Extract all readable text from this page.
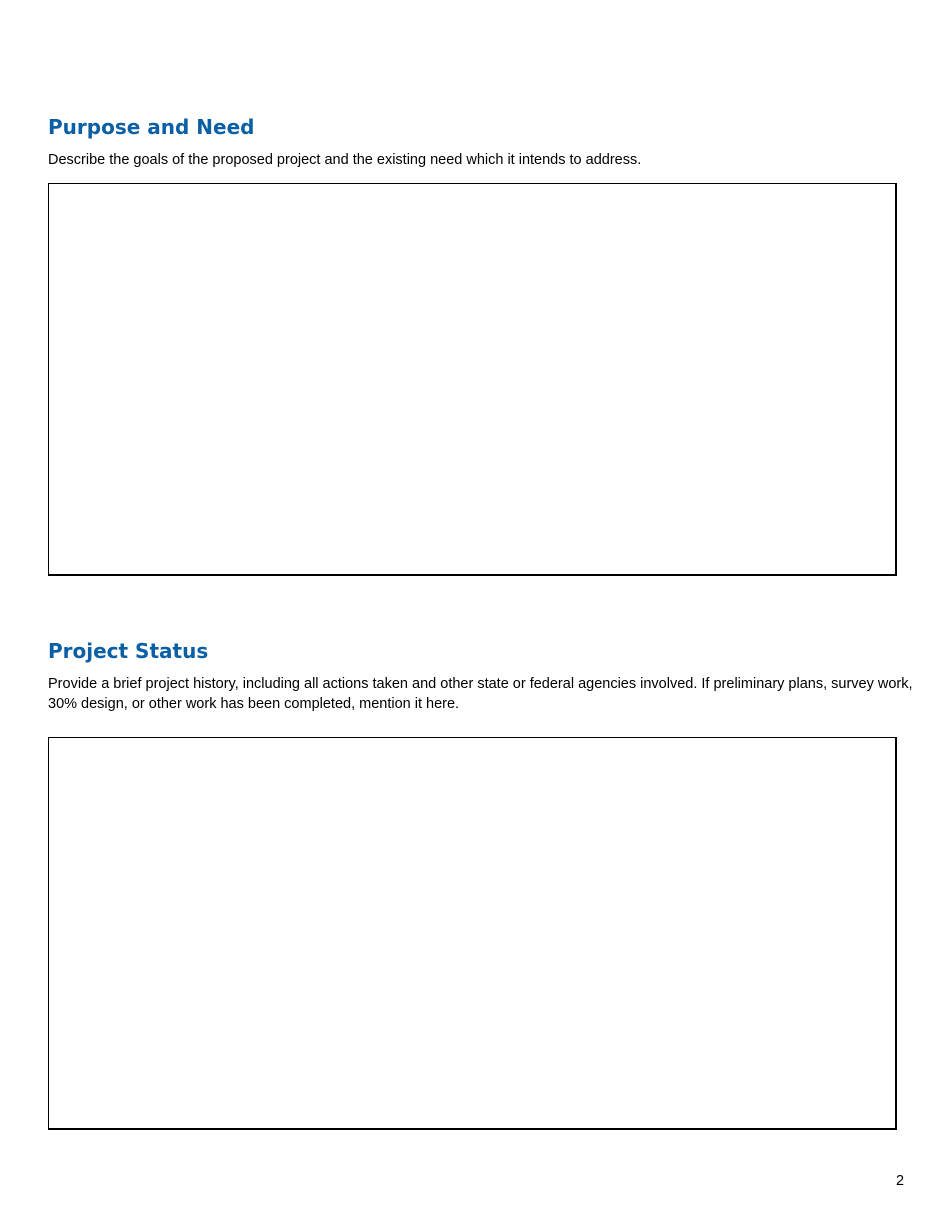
Purpose and Need

Describe the goals of the proposed project and the existing need which it intends to address.

Project Status

Provide a brief project history, including all actions taken and other state or federal agencies involved. If preliminary plans, survey work, 30% design, or other work has been completed, mention it here.

2
